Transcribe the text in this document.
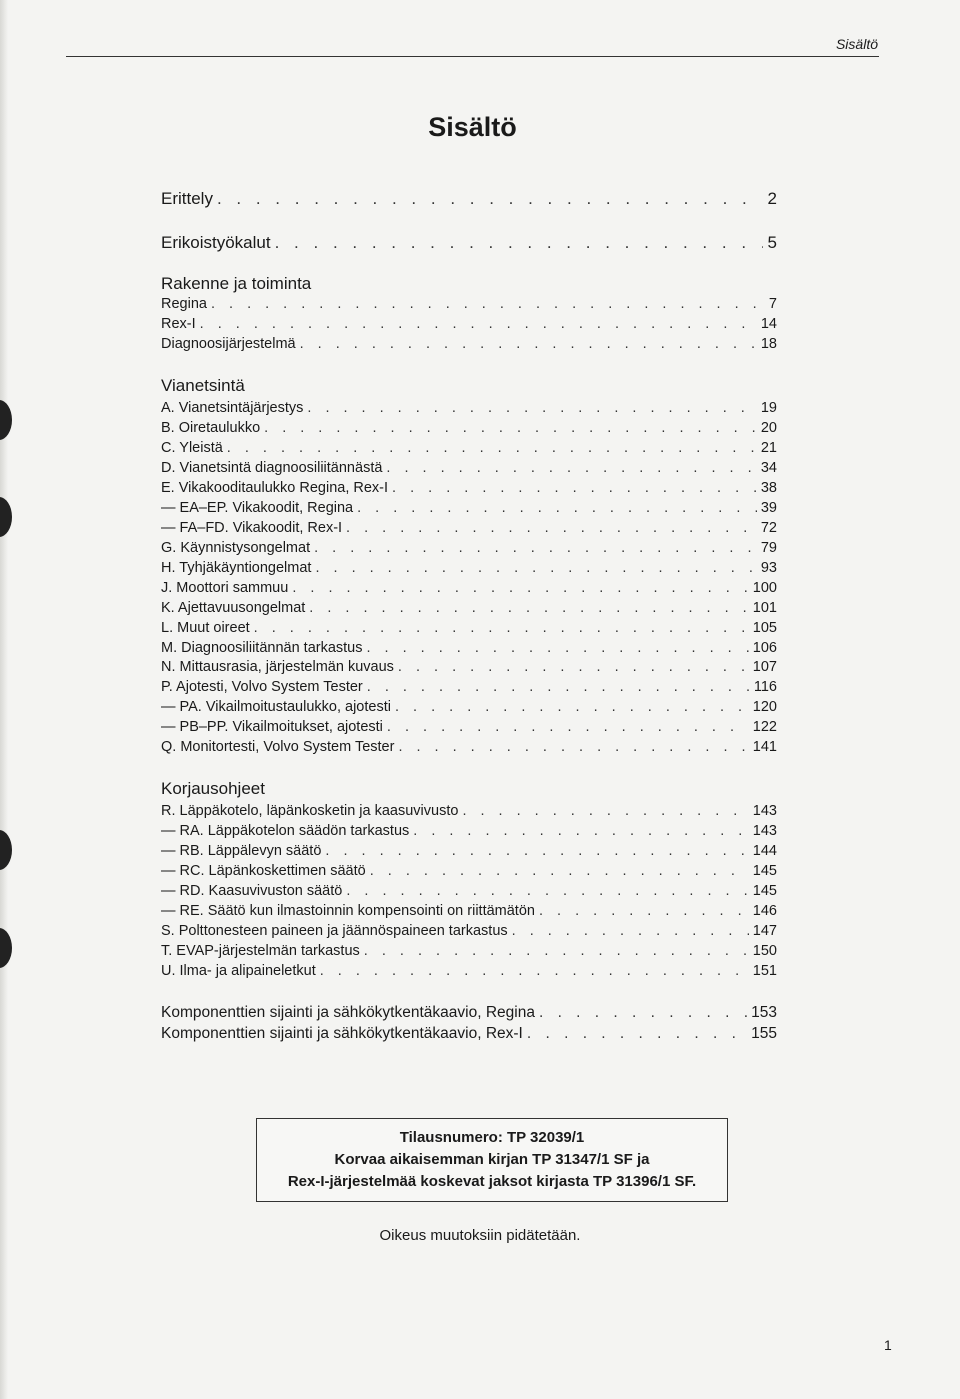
Sisältö
Sisältö
Erittely . . .	2
Erikoistyökalut . . .	5
Rakenne ja toiminta
Regina . . .	7
Rex-I . . .	14
Diagnoosijärjestelmä . . .	18
Vianetsintä
A. Vianetsintäjärjestys . . .	19
B. Oiretaulukko . . .	20
C. Yleistä . . .	21
D. Vianetsintä diagnoosiliitännästä . . .	34
E. Vikakooditaulukko Regina, Rex-I . . .	38
— EA–EP. Vikakoodit, Regina . . .	39
— FA–FD. Vikakoodit, Rex-I . . .	72
G. Käynnistysongelmat . . .	79
H. Tyhjäkäyntiongelmat . . .	93
J. Moottori sammuu . . .	100
K. Ajettavuusongelmat . . .	101
L. Muut oireet . . .	105
M. Diagnoosiliitännän tarkastus . . .	106
N. Mittausrasia, järjestelmän kuvaus . . .	107
P. Ajotesti, Volvo System Tester . . .	116
— PA. Vikailmoitustaulukko, ajotesti . . .	120
— PB–PP. Vikailmoitukset, ajotesti . . .	122
Q. Monitortesti, Volvo System Tester . . .	141
Korjausohjeet
R. Läppäkotelo, läpänkosketin ja kaasuvivusto . . .	143
— RA. Läppäkotelon säädön tarkastus . . .	143
— RB. Läppälevyn säätö . . .	144
— RC. Läpänkoskettimen säätö . . .	145
— RD. Kaasuvivuston säätö . . .	145
— RE. Säätö kun ilmastoinnin kompensointi on riittämätön . . .	146
S. Polttonesteen paineen ja jäännöspaineen tarkastus . . .	147
T. EVAP-järjestelmän tarkastus . . .	150
U. Ilma- ja alipaineletkut . . .	151
Komponenttien sijainti ja sähkökytkentäkaavio, Regina . . .	153
Komponenttien sijainti ja sähkökytkentäkaavio, Rex-I . . .	155
Tilausnumero: TP 32039/1
Korvaa aikaisemman kirjan TP 31347/1 SF ja
Rex-I-järjestelmää koskevat jaksot kirjasta TP 31396/1 SF.
Oikeus muutoksiin pidätetään.
1
